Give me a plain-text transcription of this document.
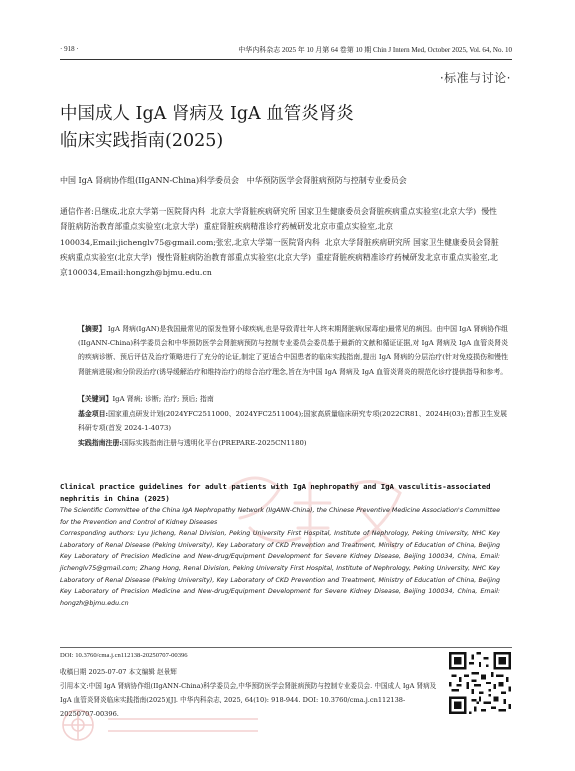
· 918 ·	中华内科杂志 2025 年 10 月第 64 卷第 10 期 Chin J Intern Med, October 2025, Vol. 64, No. 10
·标准与讨论·
中国成人 IgA 肾病及 IgA 血管炎肾炎
临床实践指南(2025)
中国 IgA 肾病协作组(IIgANN-China)科学委员会   中华预防医学会肾脏病预防与控制专业委员会
通信作者:吕继成,北京大学第一医院肾内科  北京大学肾脏疾病研究所 国家卫生健康委员会肾脏疾病重点实验室(北京大学)  慢性肾脏病防治教育部重点实验室(北京大学)  重症肾脏疾病精准诊疗药械研发北京市重点实验室,北京 100034,Email:jichenglv75@gmail.com;张宏,北京大学第一医院肾内科  北京大学肾脏疾病研究所 国家卫生健康委员会肾脏疾病重点实验室(北京大学)  慢性肾脏病防治教育部重点实验室(北京大学)  重症肾脏疾病精准诊疗药械研发北京市重点实验室,北京100034,Email:hongzh@bjmu.edu.cn
【摘要】 IgA 肾病(IgAN)是我国最常见的原发性肾小球疾病,也是导致青壮年人终末期肾脏病(尿毒症)最常见的病因。由中国 IgA 肾病协作组(IIgANN-China)科学委员会和中华预防医学会肾脏病预防与控制专业委员会委员基于最新的文献和循证证据,对 IgA 肾病及 IgA 血管炎肾炎的疾病诊断、预后评估及治疗策略进行了充分的论证,制定了更适合中国患者的临床实践指南,提出 IgA 肾病的分层治疗(针对免疫损伤和慢性肾脏病进展)和分阶段治疗(诱导缓解治疗和维持治疗)的综合治疗理念,旨在为中国 IgA 肾病及 IgA 血管炎肾炎的规范化诊疗提供指导和参考。
【关键词】IgA 肾病; 诊断; 治疗; 预后; 指南
基金项目:国家重点研发计划(2024YFC2511000、2024YFC2511004);国家高质量临床研究专项(2022CR81、2024H(03);首都卫生发展科研专项(首发 2024-1-4073)
实践指南注册:国际实践指南注册与透明化平台(PREPARE-2025CN1180)
Clinical practice guidelines for adult patients with IgA nephropathy and IgA vasculitis-associated nephritis in China (2025)
The Scientific Committee of the China IgA Nephropathy Network (IIgANN-China), the Chinese Preventive Medicine Association's Committee for the Prevention and Control of Kidney Diseases
Corresponding authors: Lyu Jicheng, Renal Division, Peking University First Hospital, Institute of Nephrology, Peking University, NHC Key Laboratory of Renal Disease (Peking University), Key Laboratory of CKD Prevention and Treatment, Ministry of Education of China, Beijing Key Laboratory of Precision Medicine and New-drug/Equipment Development for Severe Kidney Disease, Beijing 100034, China, Email: jichenglv75@gmail.com; Zhang Hong, Renal Division, Peking University First Hospital, Institute of Nephrology, Peking University, NHC Key Laboratory of Renal Disease (Peking University), Key Laboratory of CKD Prevention and Treatment, Ministry of Education of China, Beijing Key Laboratory of Precision Medicine and New-drug/Equipment Development for Severe Kidney Disease, Beijing 100034, China, Email: hongzh@bjmu.edu.cn
DOI: 10.3760/cma.j.cn112138-20250707-00396
收稿日期 2025-07-07 本文编辑 赵景辉
引用本文:中国 IgA 肾病协作组(IIgANN-China)科学委员会,中华预防医学会肾脏病预防与控制专业委员会. 中国成人 IgA 肾病及 IgA 血管炎肾炎临床实践指南(2025)[J]. 中华内科杂志, 2025, 64(10): 918-944. DOI: 10.3760/cma.j.cn112138-20250707-00396.
